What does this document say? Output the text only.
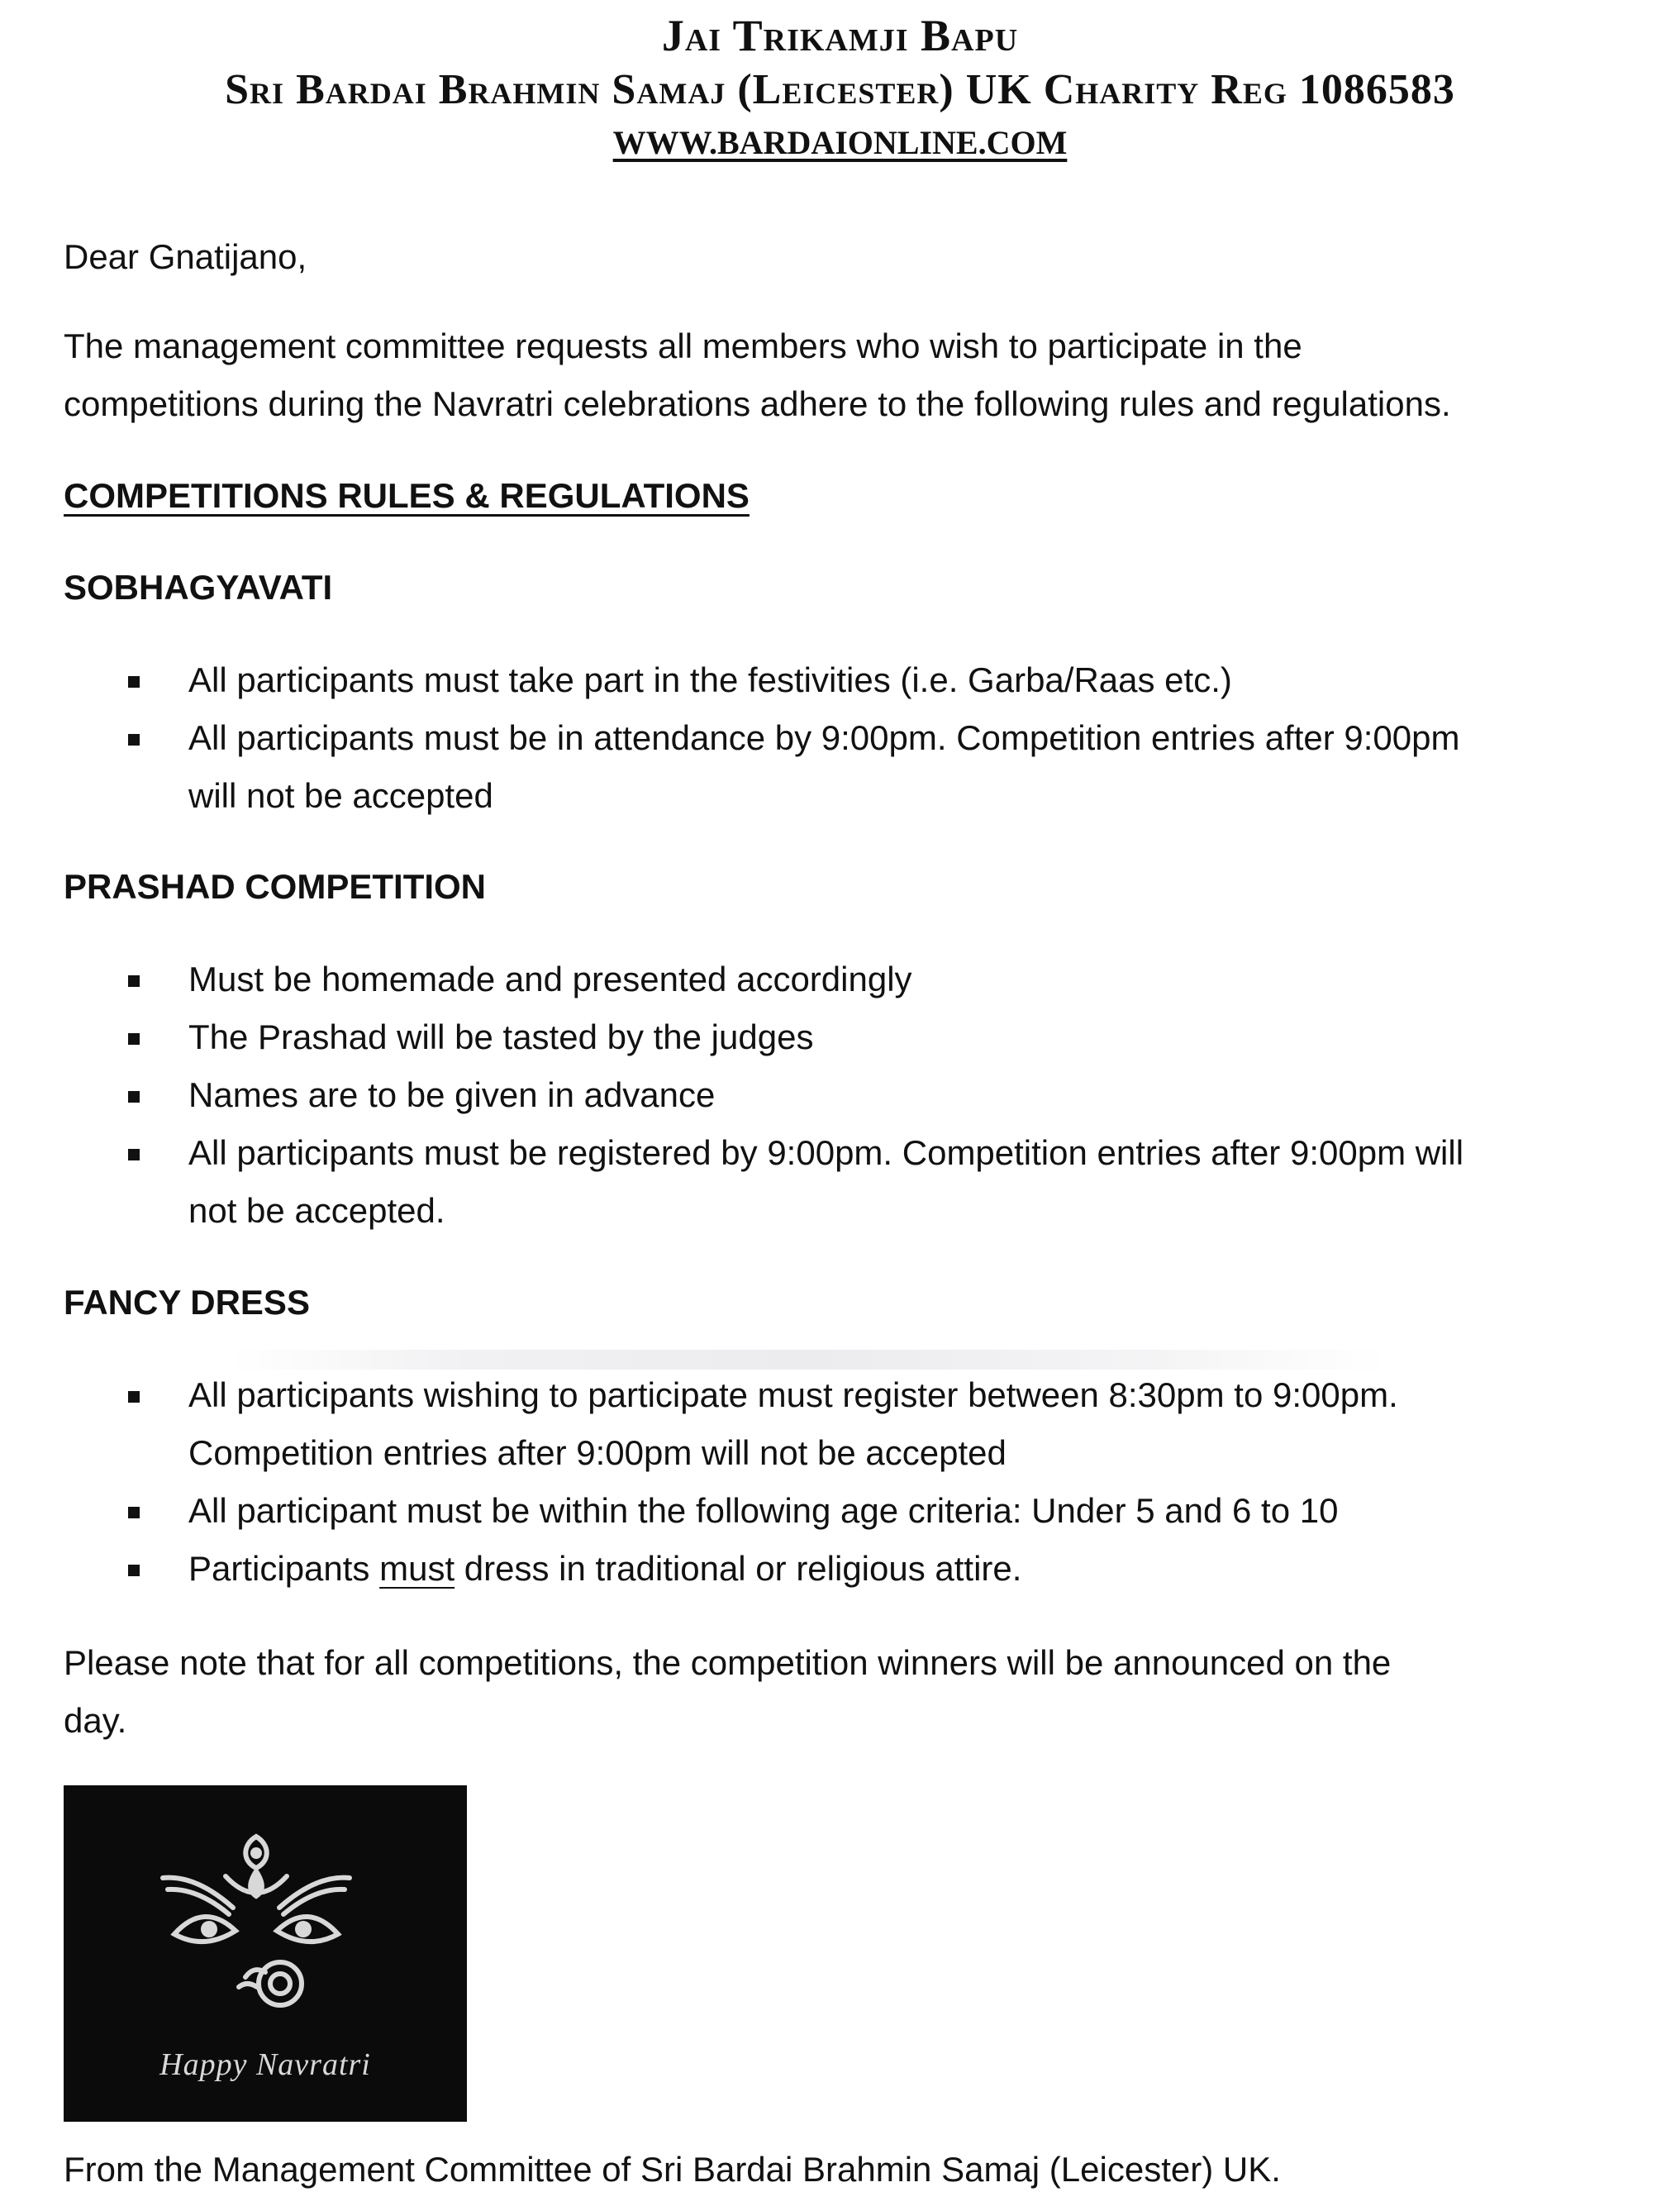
Jai Trikamji Bapu
Sri Bardai Brahmin Samaj (Leicester) UK Charity Reg 1086583
WWW.BARDAIONLINE.COM
Dear Gnatijano,
The management committee requests all members who wish to participate in the
competitions during the Navratri celebrations adhere to the following rules and regulations.
COMPETITIONS RULES & REGULATIONS
SOBHAGYAVATI
All participants must take part in the festivities (i.e. Garba/Raas etc.)
All participants must be in attendance by 9:00pm. Competition entries after 9:00pm
will not be accepted
PRASHAD COMPETITION
Must be homemade and presented accordingly
The Prashad will be tasted by the judges
Names are to be given in advance
All participants must be registered by 9:00pm. Competition entries after 9:00pm will
not be accepted.
FANCY DRESS
All participants wishing to participate must register between 8:30pm to 9:00pm.
Competition entries after 9:00pm will not be accepted
All participant must be within the following age criteria: Under 5 and 6 to 10
Participants must dress in traditional or religious attire.
Please note that for all competitions, the competition winners will be announced on the
day.
Happy Navratri
From the Management Committee of Sri Bardai Brahmin Samaj (Leicester) UK.
